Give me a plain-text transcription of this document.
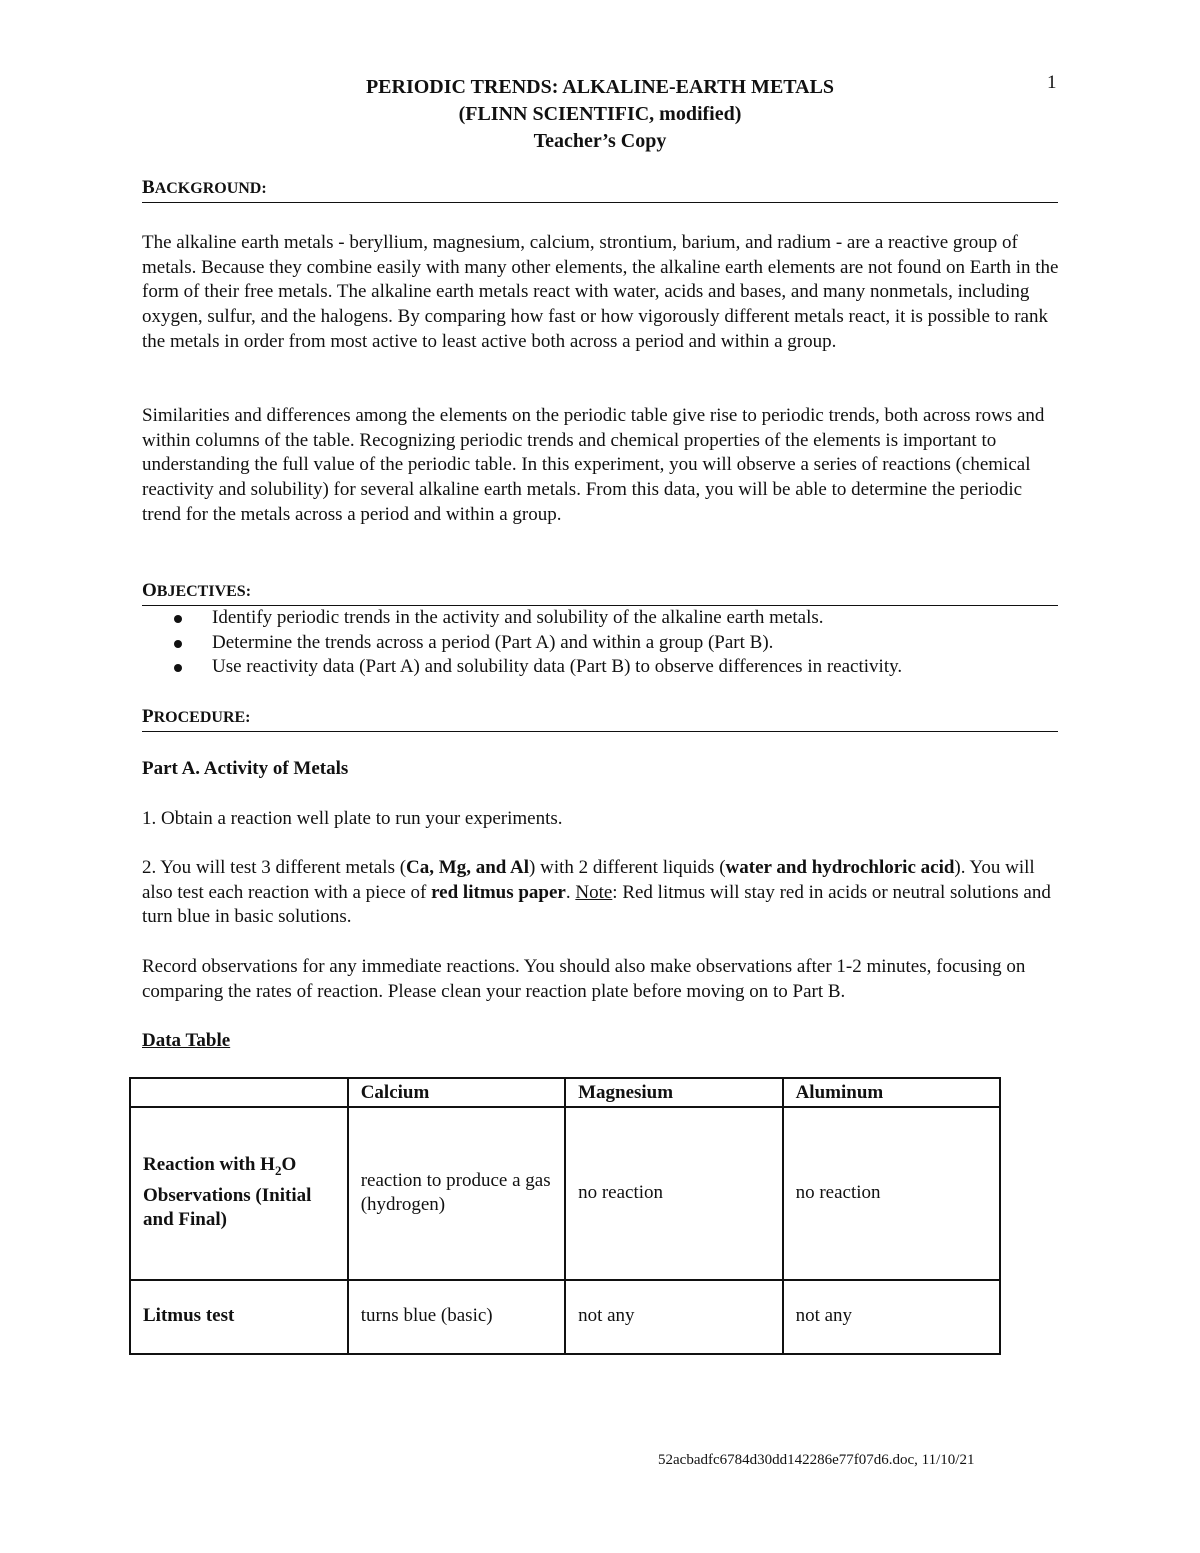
1
PERIODIC TRENDS: ALKALINE-EARTH METALS
(FLINN SCIENTIFIC, modified)
Teacher’s Copy
BACKGROUND:

The alkaline earth metals - beryllium, magnesium, calcium, strontium, barium, and radium - are a reactive group of metals. Because they combine easily with many other elements, the alkaline earth elements are not found on Earth in the form of their free metals. The alkaline earth metals react with water, acids and bases, and many nonmetals, including oxygen, sulfur, and the halogens. By comparing how fast or how vigorously different metals react, it is possible to rank the metals in order from most active to least active both across a period and within a group.

Similarities and differences among the elements on the periodic table give rise to periodic trends, both across rows and within columns of the table. Recognizing periodic trends and chemical properties of the elements is important to understanding the full value of the periodic table. In this experiment, you will observe a series of reactions (chemical reactivity and solubility) for several alkaline earth metals. From this data, you will be able to determine the periodic trend for the metals across a period and within a group.

OBJECTIVES:
Identify periodic trends in the activity and solubility of the alkaline earth metals.
Determine the trends across a period (Part A) and within a group (Part B).
Use reactivity data (Part A) and solubility data (Part B) to observe differences in reactivity.
PROCEDURE:
Part A. Activity of Metals

1. Obtain a reaction well plate to run your experiments.

2. You will test 3 different metals (Ca, Mg, and Al) with 2 different liquids (water and hydrochloric acid). You will also test each reaction with a piece of red litmus paper. Note: Red litmus will stay red in acids or neutral solutions and turn blue in basic solutions.

Record observations for any immediate reactions. You should also make observations after 1-2 minutes, focusing on comparing the rates of reaction. Please clean your reaction plate before moving on to Part B.

Data Table
	Calcium	Magnesium	Aluminum
Reaction with $H_2O$ Observations (Initial and Final)	reaction to produce a gas (hydrogen)	no reaction	no reaction
Litmus test	turns blue (basic)	not any	not any
52acbadfc6784d30dd142286e77f07d6.doc, 11/10/21
